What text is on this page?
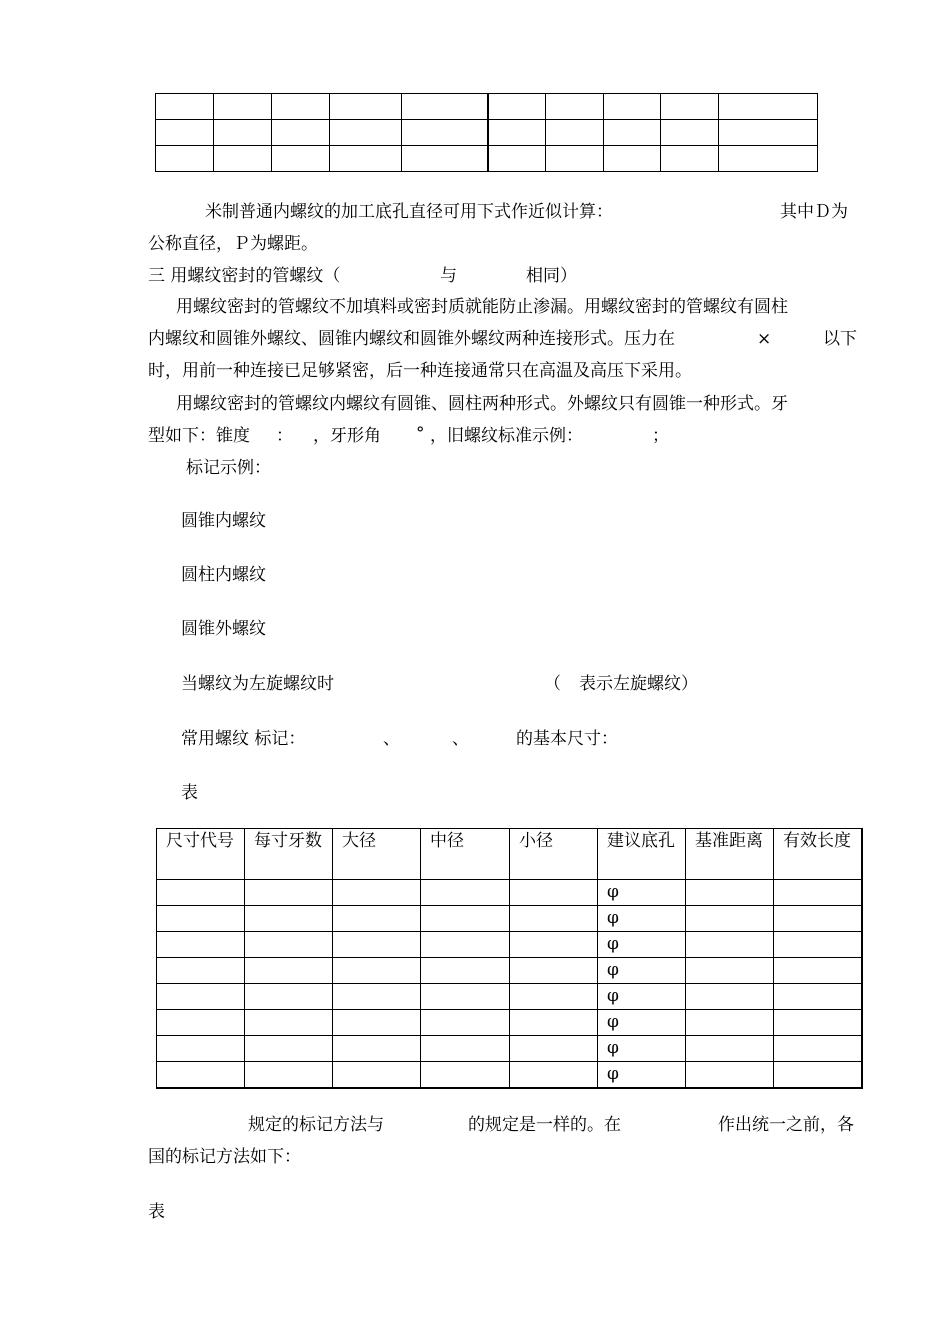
米制普通内螺纹的加工底孔直径可用下式作近似计算：	其中Ｄ为
公称直径，Ｐ为螺距。
三 用螺纹密封的管螺纹（	与	相同）
用螺纹密封的管螺纹不加填料或密封质就能防止渗漏。用螺纹密封的管螺纹有圆柱
内螺纹和圆锥外螺纹、圆锥内螺纹和圆锥外螺纹两种连接形式。压力在	×	以下
时，用前一种连接已足够紧密，后一种连接通常只在高温及高压下采用。
用螺纹密封的管螺纹内螺纹有圆锥、圆柱两种形式。外螺纹只有圆锥一种形式。牙
型如下：锥度 ： ，牙形角 ° ，旧螺纹标准示例：	；
标记示例：
圆锥内螺纹
圆柱内螺纹
圆锥外螺纹
当螺纹为左旋螺纹时	（ 表示左旋螺纹）
常用螺纹 标记：	、	、	的基本尺寸：
表
尺寸代号	每寸牙数	大径	中径	小径	建议底孔	基准距离	有效长度
					φ		
					φ		
					φ		
					φ		
					φ		
					φ		
					φ		
					φ		
规定的标记方法与	的规定是一样的。在	作出统一之前，各
国的标记方法如下：
表
